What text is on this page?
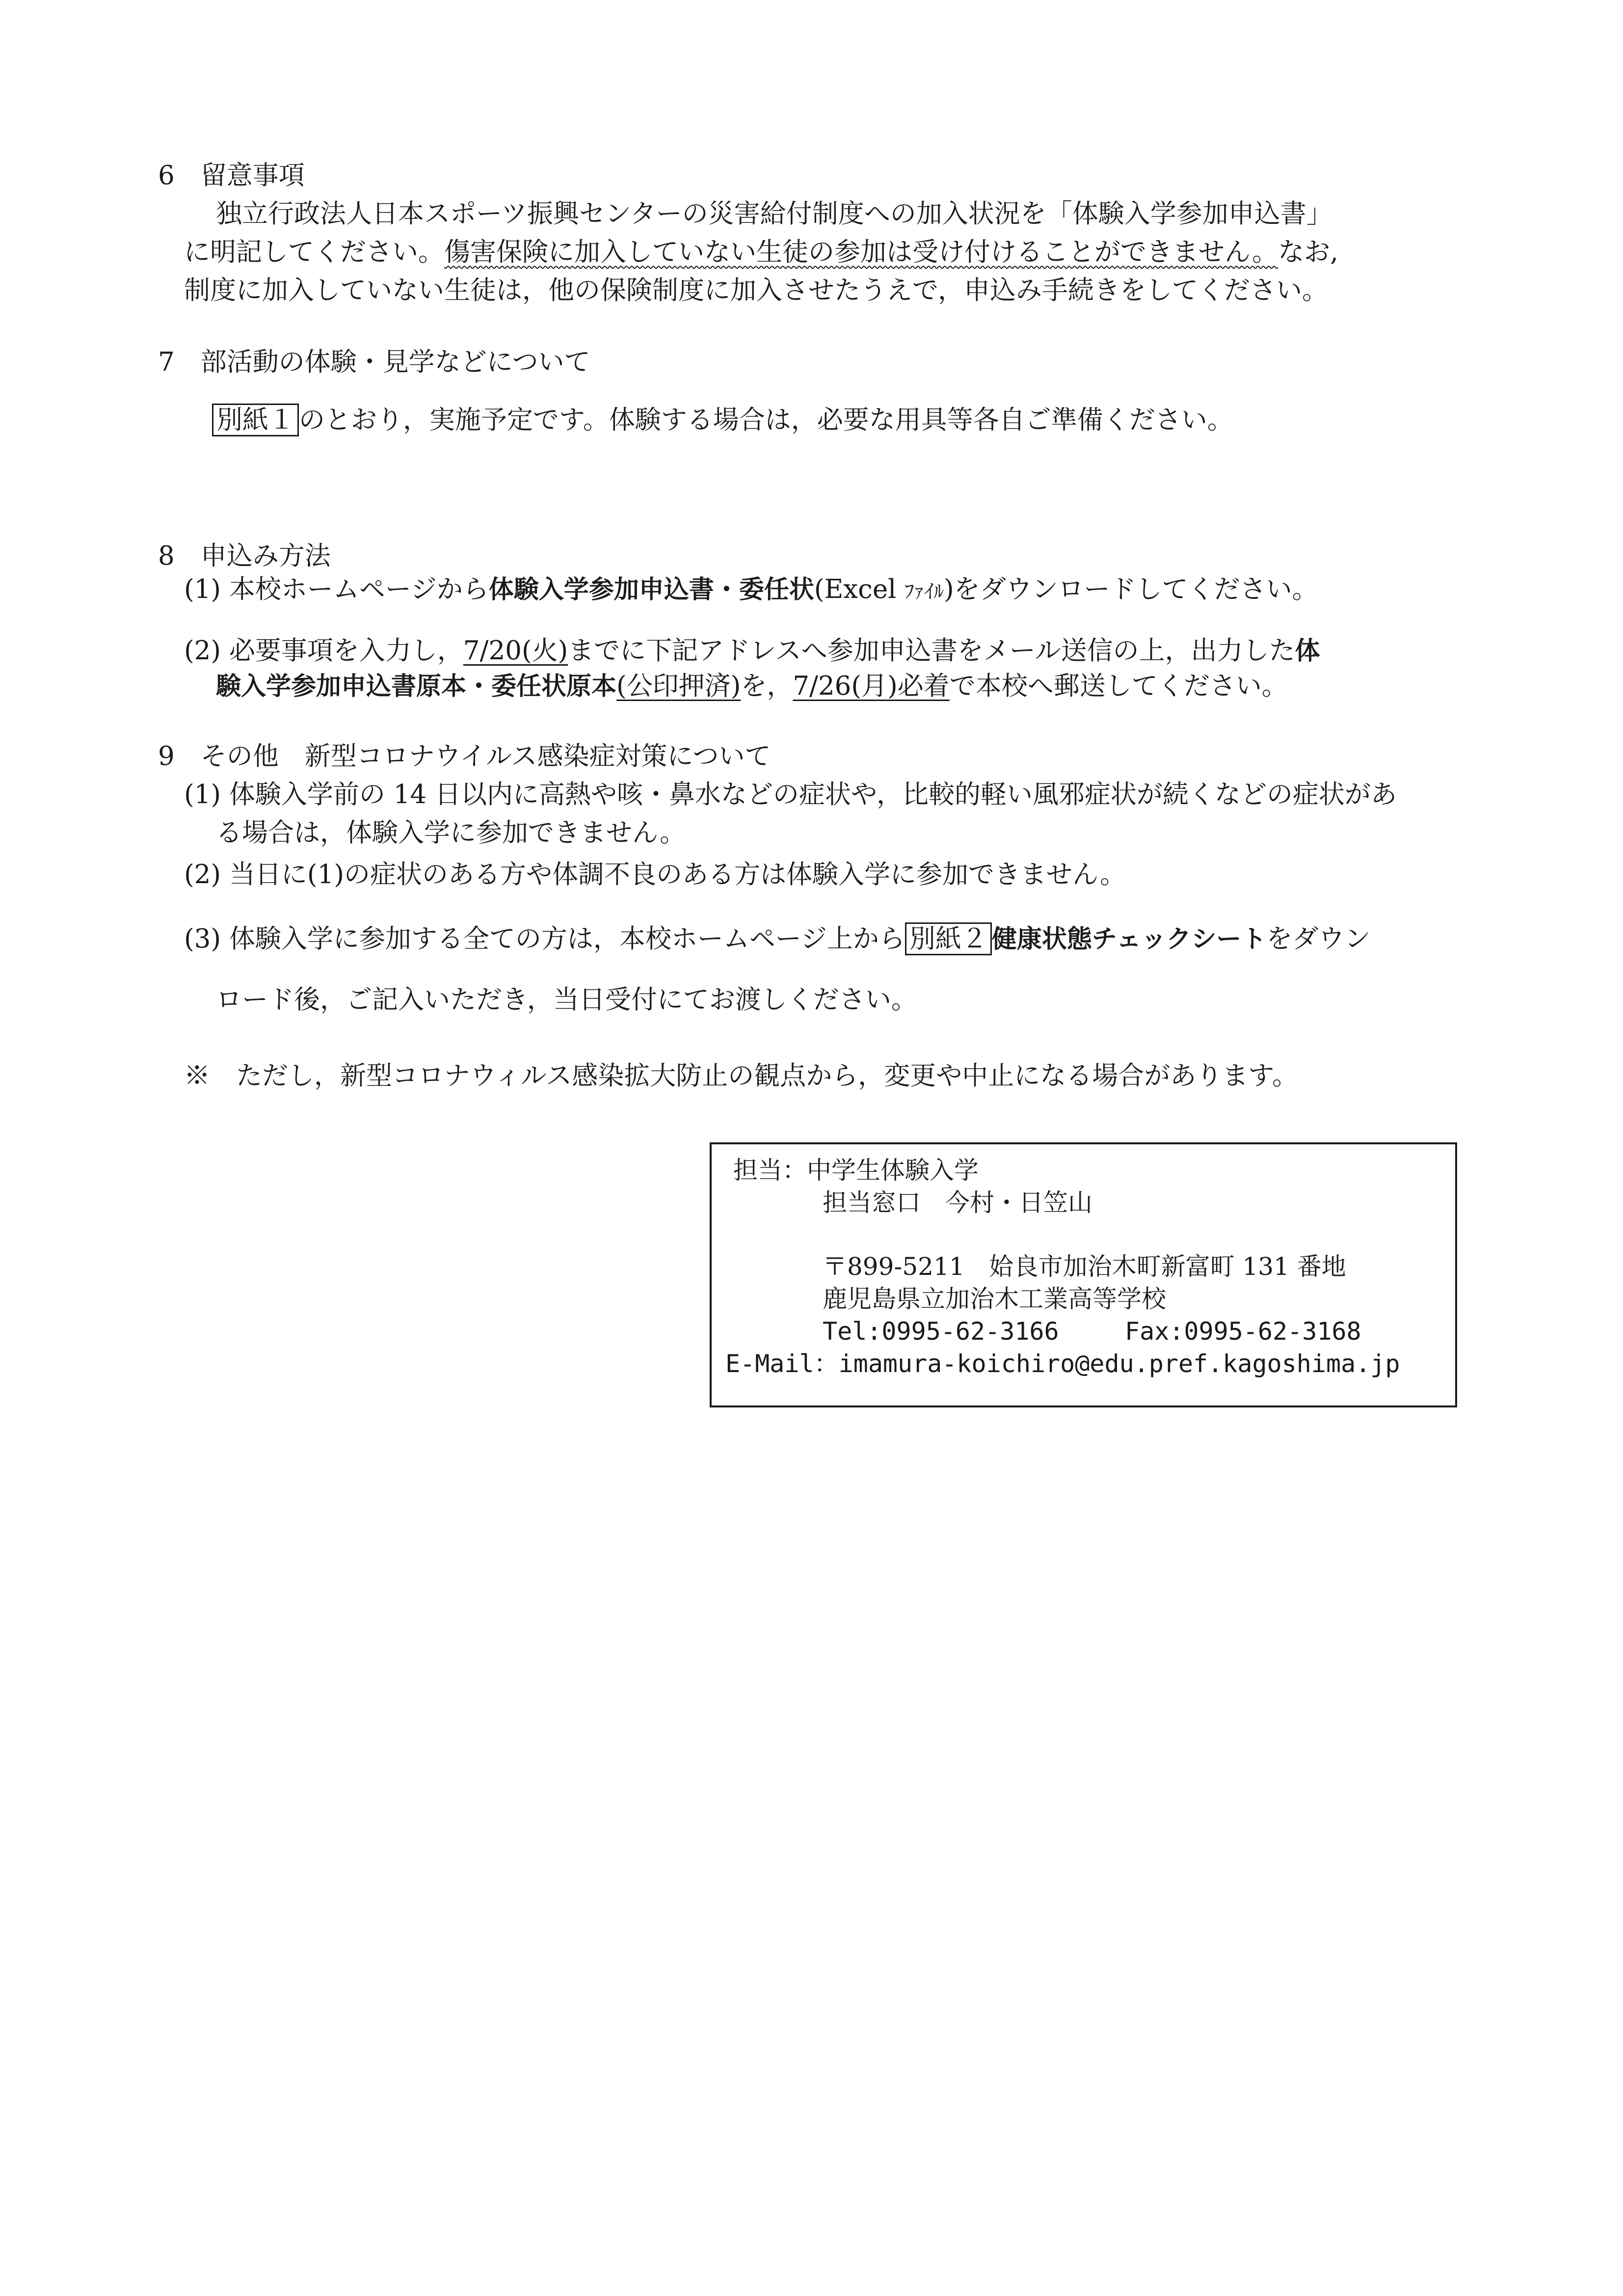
6　留意事項
独立行政法人日本スポーツ振興センターの災害給付制度への加入状況を「体験入学参加申込書」
に明記してください。傷害保険に加入していない生徒の参加は受け付けることができません。なお,
制度に加入していない生徒は，他の保険制度に加入させたうえで，申込み手続きをしてください。
7　部活動の体験・見学などについて
別紙１ のとおり，実施予定です。体験する場合は，必要な用具等各自ご準備ください。
8　申込み方法
(1) 本校ホームページから体験入学参加申込書・委任状(Excel ﾌｧｲﾙ)をダウンロードしてください。
(2) 必要事項を入力し，7/20(火)までに下記アドレスへ参加申込書をメール送信の上，出力した体
験入学参加申込書原本・委任状原本(公印押済)を，7/26(月)必着で本校へ郵送してください。
9　その他　新型コロナウイルス感染症対策について
(1) 体験入学前の 14 日以内に高熱や咳・鼻水などの症状や，比較的軽い風邪症状が続くなどの症状があ
る場合は，体験入学に参加できません。
(2) 当日に(1)の症状のある方や体調不良のある方は体験入学に参加できません。
(3) 体験入学に参加する全ての方は，本校ホームページ上から 別紙２ 健康状態チェックシートをダウン
ロード後，ご記入いただき，当日受付にてお渡しください。
※　ただし，新型コロナウィルス感染拡大防止の観点から，変更や中止になる場合があります。
担当：中学生体験入学
担当窓口　今村・日笠山
〒899-5211　姶良市加治木町新富町 131 番地
鹿児島県立加治木工業高等学校
Tel:0995-62-3166	Fax:0995-62-3168
E-Mail：imamura-koichiro@edu.pref.kagoshima.jp
